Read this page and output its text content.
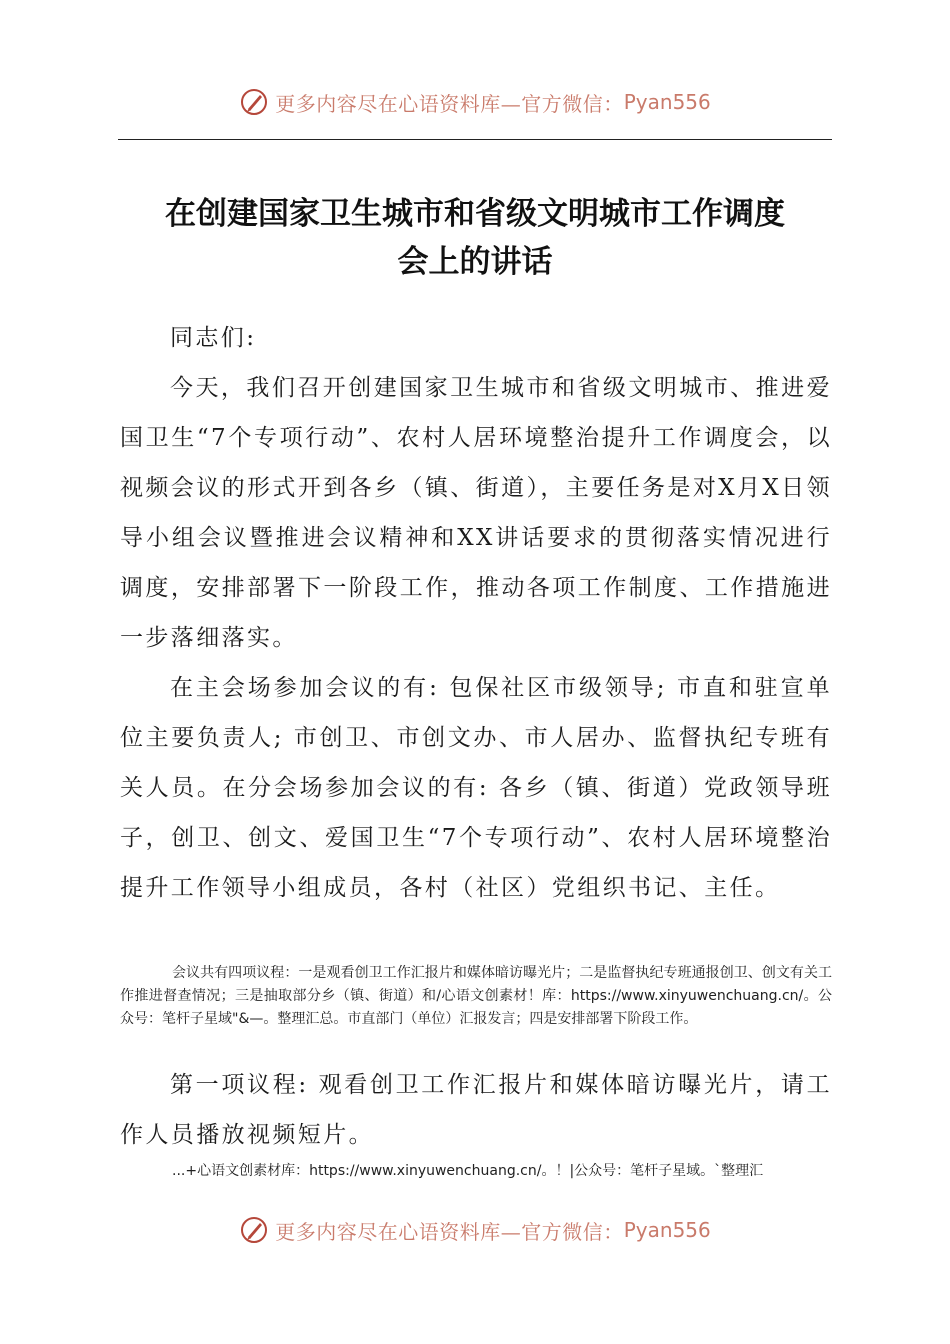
更多内容尽在心语资料库—官方微信： Pyan556
在创建国家卫生城市和省级文明城市工作调度
会上的讲话

同志们:

今天，我们召开创建国家卫生城市和省级文明城市、推进爱国卫生“7个专项行动”、农村人居环境整治提升工作调度会，以视频会议的形式开到各乡（镇、街道），主要任务是对X月X日领导小组会议暨推进会议精神和XX讲话要求的贯彻落实情况进行调度，安排部署下一阶段工作，推动各项工作制度、工作措施进一步落细落实。

在主会场参加会议的有: 包保社区市级领导; 市直和驻宣单位主要负责人; 市创卫、市创文办、市人居办、监督执纪专班有关人员。在分会场参加会议的有: 各乡（镇、街道）党政领导班子，创卫、创文、爱国卫生“7个专项行动”、农村人居环境整治提升工作领导小组成员，各村（社区）党组织书记、主任。

会议共有四项议程：一是观看创卫工作汇报片和媒体暗访曝光片；二是监督执纪专班通报创卫、创文有关工作推进督查情况；三是抽取部分乡（镇、街道）和/心语文创素材！库：https://www.xinyuwenchuang.cn/。公众号：笔杆子星域"&—。整理汇总。市直部门（单位）汇报发言；四是安排部署下阶段工作。

第一项议程: 观看创卫工作汇报片和媒体暗访曝光片，请工作人员播放视频短片。

...+心语文创素材库：https://www.xinyuwenchuang.cn/。！|公众号：笔杆子星域。`整理汇

更多内容尽在心语资料库—官方微信： Pyan556
